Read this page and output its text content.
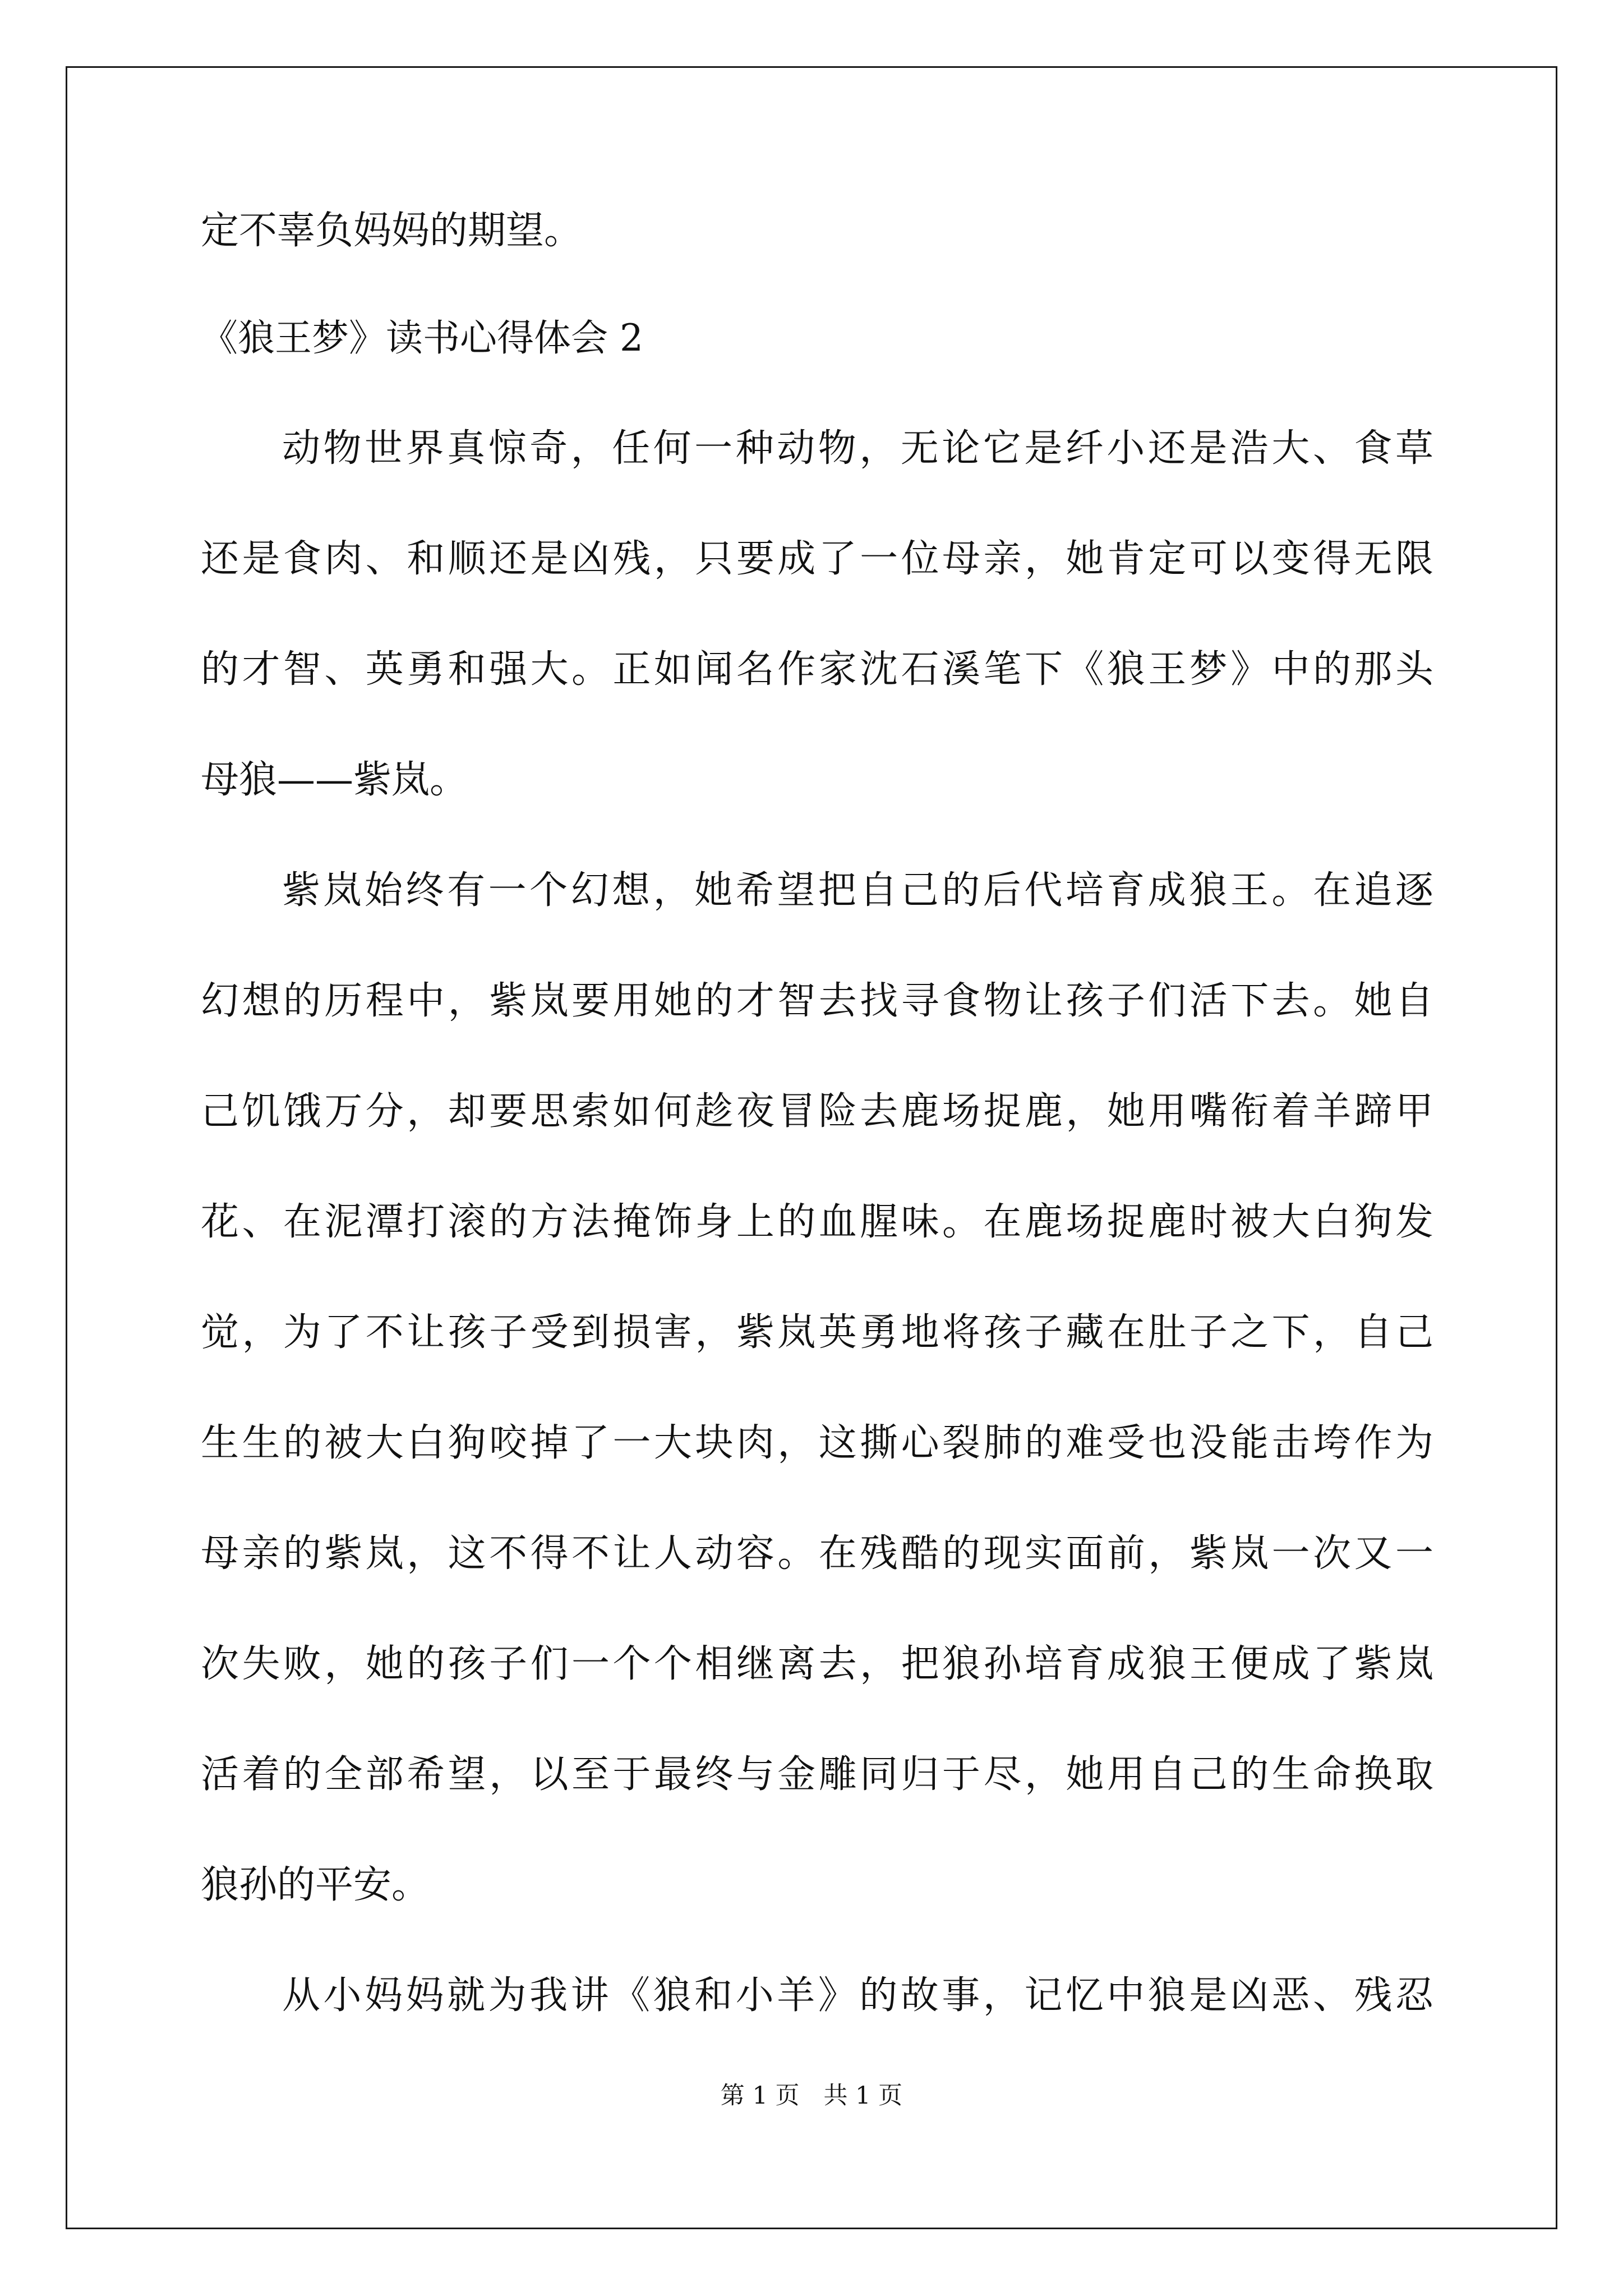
定不辜负妈妈的期望。
《狼王梦》读书心得体会 2
动物世界真惊奇，任何一种动物，无论它是纤小还是浩大、食草
还是食肉、和顺还是凶残，只要成了一位母亲，她肯定可以变得无限
的才智、英勇和强大。正如闻名作家沈石溪笔下《狼王梦》中的那头
母狼——紫岚。
紫岚始终有一个幻想，她希望把自己的后代培育成狼王。在追逐
幻想的历程中，紫岚要用她的才智去找寻食物让孩子们活下去。她自
己饥饿万分，却要思索如何趁夜冒险去鹿场捉鹿，她用嘴衔着羊蹄甲
花、在泥潭打滚的方法掩饰身上的血腥味。在鹿场捉鹿时被大白狗发
觉，为了不让孩子受到损害，紫岚英勇地将孩子藏在肚子之下，自己
生生的被大白狗咬掉了一大块肉，这撕心裂肺的难受也没能击垮作为
母亲的紫岚，这不得不让人动容。在残酷的现实面前，紫岚一次又一
次失败，她的孩子们一个个相继离去，把狼孙培育成狼王便成了紫岚
活着的全部希望，以至于最终与金雕同归于尽，她用自己的生命换取
狼孙的平安。
从小妈妈就为我讲《狼和小羊》的故事，记忆中狼是凶恶、残忍
第 1 页　共 1 页
